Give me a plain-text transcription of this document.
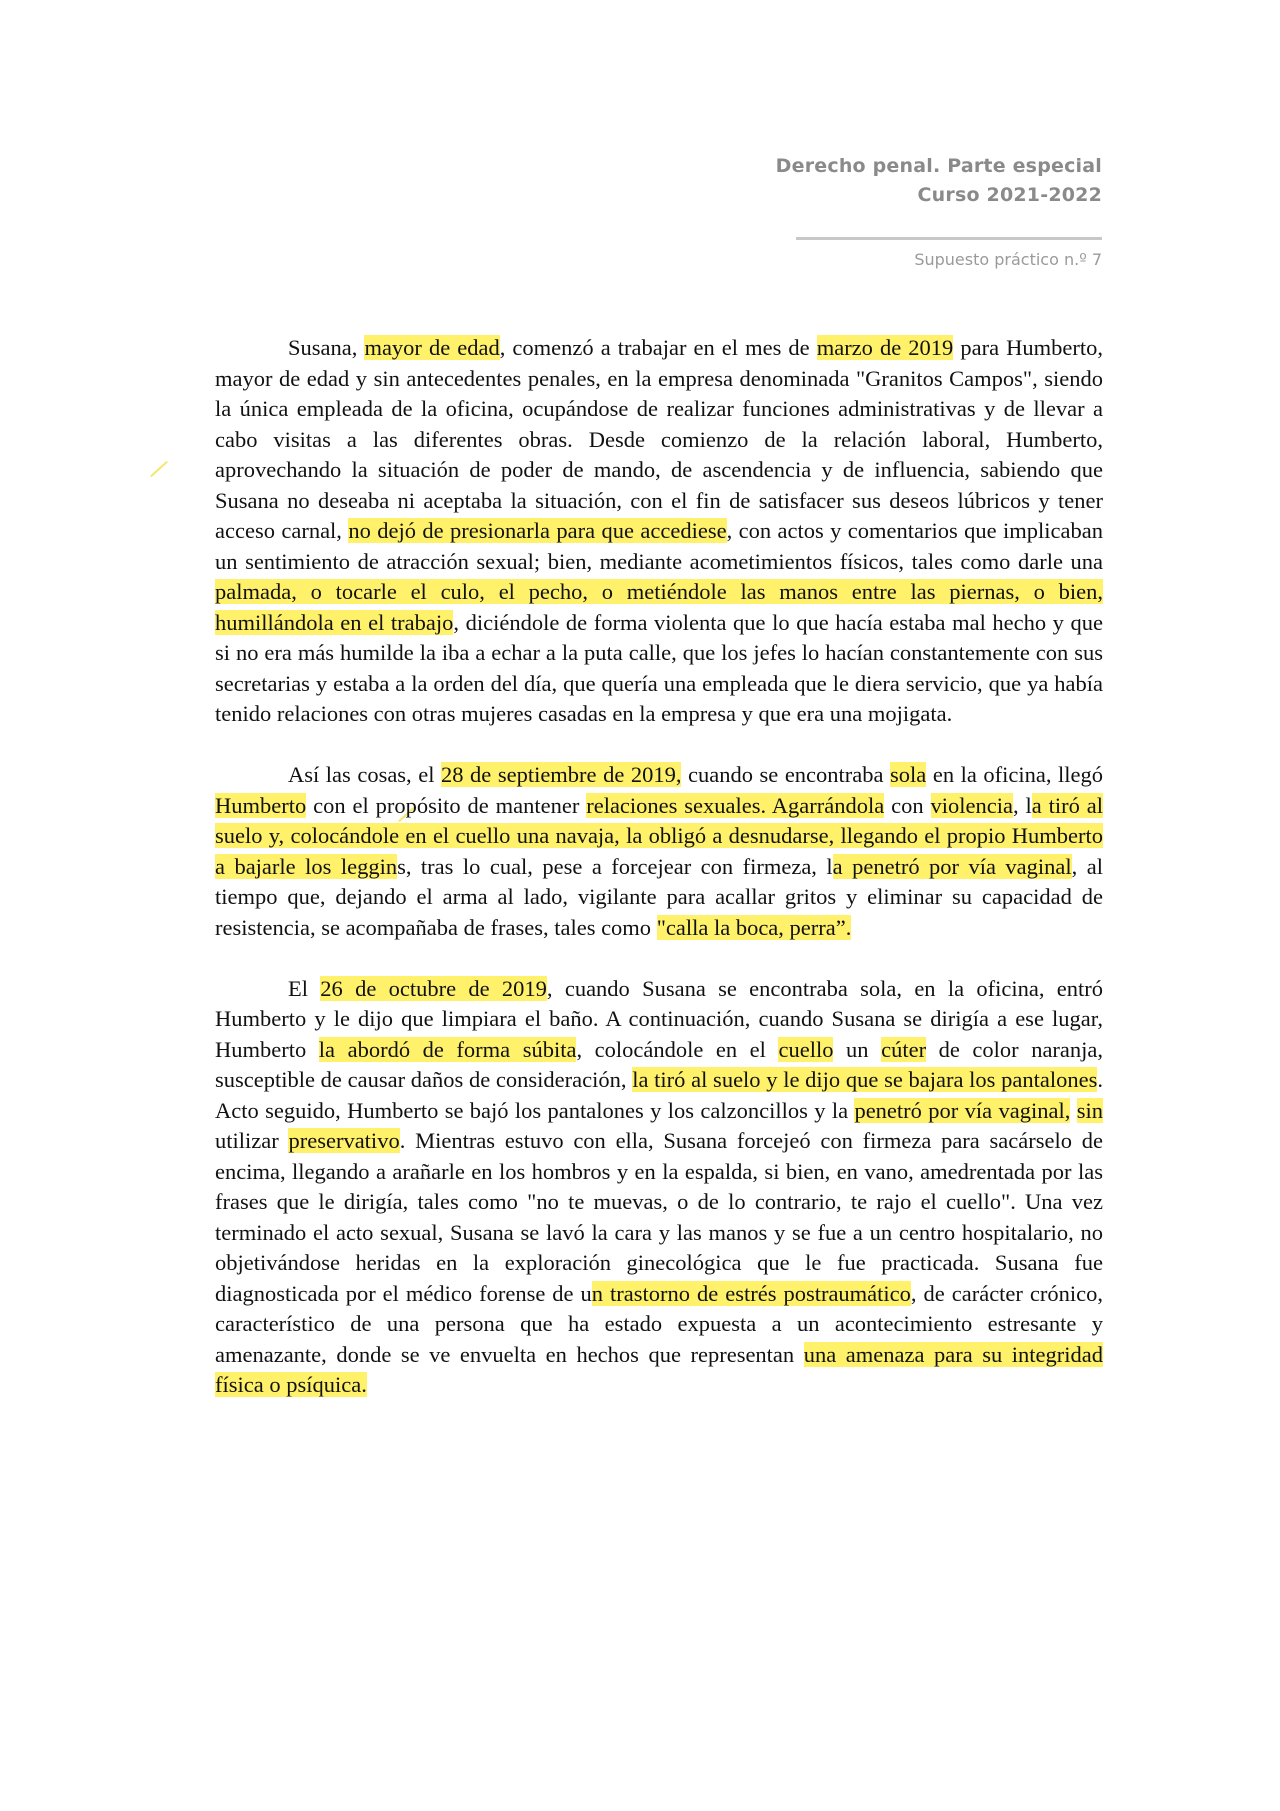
Derecho penal. Parte especial
Curso 2021-2022
Supuesto práctico n.º 7

Susana, mayor de edad, comenzó a trabajar en el mes de marzo de 2019 para Humberto, mayor de edad y sin antecedentes penales, en la empresa denominada "Granitos Campos", siendo la única empleada de la oficina, ocupándose de realizar funciones administrativas y de llevar a cabo visitas a las diferentes obras. Desde comienzo de la relación laboral, Humberto, aprovechando la situación de poder de mando, de ascendencia y de influencia, sabiendo que Susana no deseaba ni aceptaba la situación, con el fin de satisfacer sus deseos lúbricos y tener acceso carnal, no dejó de presionarla para que accediese, con actos y comentarios que implicaban un sentimiento de atracción sexual; bien, mediante acometimientos físicos, tales como darle una palmada, o tocarle el culo, el pecho, o metiéndole las manos entre las piernas, o bien, humillándola en el trabajo, diciéndole de forma violenta que lo que hacía estaba mal hecho y que si no era más humilde la iba a echar a la puta calle, que los jefes lo hacían constantemente con sus secretarias y estaba a la orden del día, que quería una empleada que le diera servicio, que ya había tenido relaciones con otras mujeres casadas en la empresa y que era una mojigata.

Así las cosas, el 28 de septiembre de 2019, cuando se encontraba sola en la oficina, llegó Humberto con el propósito de mantener relaciones sexuales. Agarrándola con violencia, la tiró al suelo y, colocándole en el cuello una navaja, la obligó a desnudarse, llegando el propio Humberto a bajarle los leggins, tras lo cual, pese a forcejear con firmeza, la penetró por vía vaginal, al tiempo que, dejando el arma al lado, vigilante para acallar gritos y eliminar su capacidad de resistencia, se acompañaba de frases, tales como "calla la boca, perra”.

El 26 de octubre de 2019, cuando Susana se encontraba sola, en la oficina, entró Humberto y le dijo que limpiara el baño. A continuación, cuando Susana se dirigía a ese lugar, Humberto la abordó de forma súbita, colocándole en el cuello un cúter de color naranja, susceptible de causar daños de consideración, la tiró al suelo y le dijo que se bajara los pantalones. Acto seguido, Humberto se bajó los pantalones y los calzoncillos y la penetró por vía vaginal, sin utilizar preservativo. Mientras estuvo con ella, Susana forcejeó con firmeza para sacárselo de encima, llegando a arañarle en los hombros y en la espalda, si bien, en vano, amedrentada por las frases que le dirigía, tales como "no te muevas, o de lo contrario, te rajo el cuello". Una vez terminado el acto sexual, Susana se lavó la cara y las manos y se fue a un centro hospitalario, no objetivándose heridas en la exploración ginecológica que le fue practicada. Susana fue diagnosticada por el médico forense de un trastorno de estrés postraumático, de carácter crónico, característico de una persona que ha estado expuesta a un acontecimiento estresante y amenazante, donde se ve envuelta en hechos que representan una amenaza para su integridad física o psíquica.
